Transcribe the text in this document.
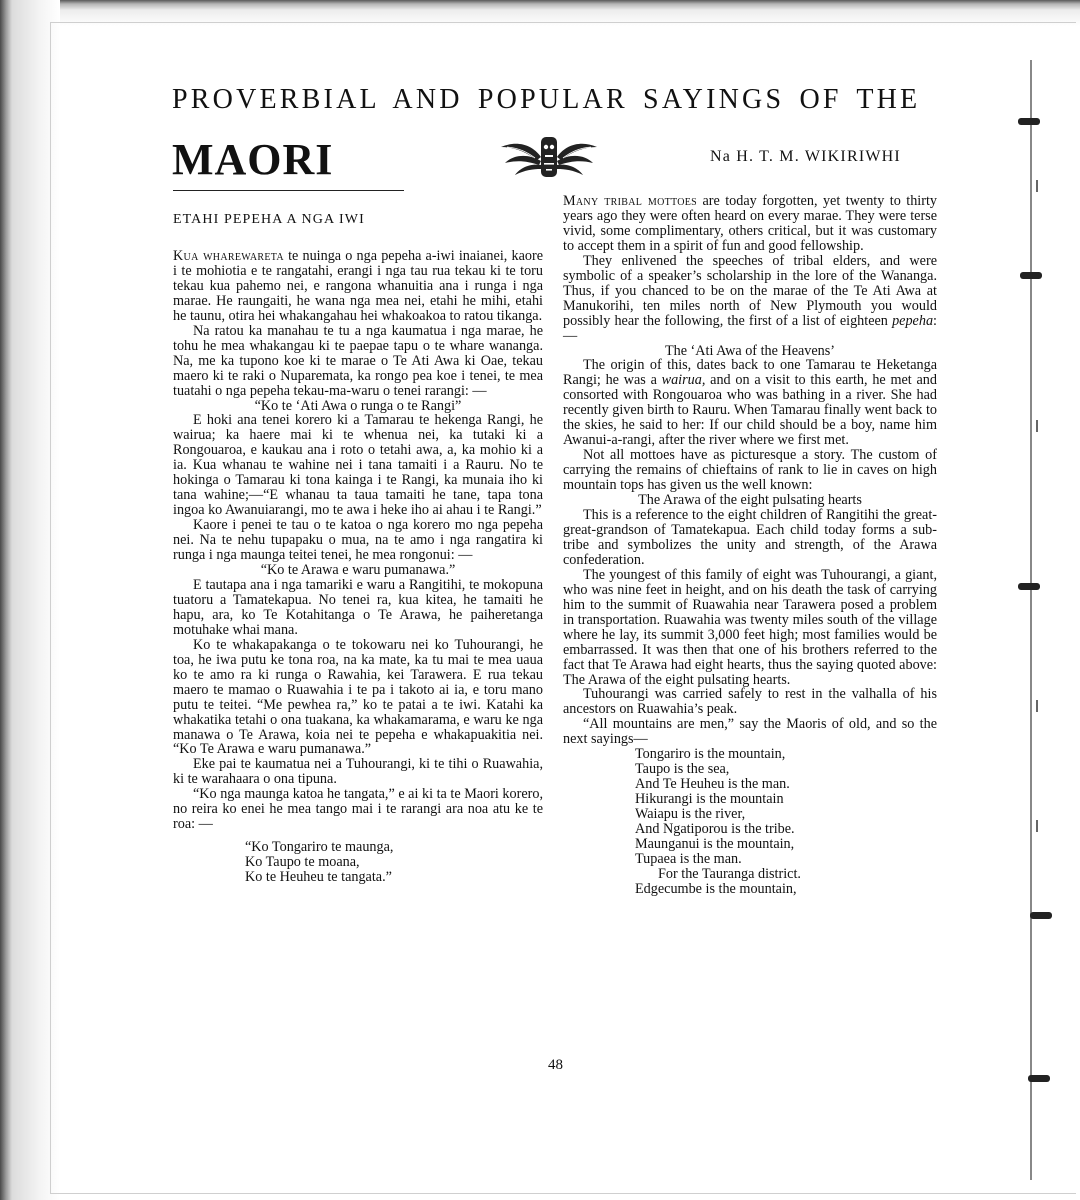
PROVERBIAL AND POPULAR SAYINGS OF THE
MAORI	Na H. T. M. WIKIRIWHI
ETAHI PEPEHA A NGA IWI

Kua wharewareta te nuinga o nga pepeha a-iwi inaianei, kaore i te mohiotia e te rangatahi, erangi i nga tau rua tekau ki te toru tekau kua pahemo nei, e rangona whanuitia ana i runga i nga marae. He raungaiti, he wana nga mea nei, etahi he mihi, etahi he taunu, otira hei whakangahau hei whakoakoa to ratou tikanga.

Na ratou ka manahau te tu a nga kaumatua i nga marae, he tohu he mea whakangau ki te paepae tapu o te whare wananga. Na, me ka tupono koe ki te marae o Te Ati Awa ki Oae, tekau maero ki te raki o Nuparemata, ka rongo pea koe i tenei, te mea tuatahi o nga pepeha tekau-ma-waru o tenei rarangi: —

“Ko te ‘Ati Awa o runga o te Rangi”

E hoki ana tenei korero ki a Tamarau te hekenga Rangi, he wairua; ka haere mai ki te whenua nei, ka tutaki ki a Rongouaroa, e kaukau ana i roto o tetahi awa, a, ka mohio ki a ia. Kua whanau te wahine nei i tana tamaiti i a Rauru. No te hokinga o Tamarau ki tona kainga i te Rangi, ka munaia iho ki tana wahine;—“E whanau ta taua tamaiti he tane, tapa tona ingoa ko Awanuiarangi, mo te awa i heke iho ai ahau i te Rangi.”

Kaore i penei te tau o te katoa o nga korero mo nga pepeha nei. Na te nehu tupapaku o mua, na te amo i nga rangatira ki runga i nga maunga teitei tenei, he mea rongonui: —

“Ko te Arawa e waru pumanawa.”

E tautapa ana i nga tamariki e waru a Rangitihi, te mokopuna tuatoru a Tamatekapua. No tenei ra, kua kitea, he tamaiti he hapu, ara, ko Te Kotahitanga o Te Arawa, he paiheretanga motuhake whai mana.

Ko te whakapakanga o te tokowaru nei ko Tuhourangi, he toa, he iwa putu ke tona roa, na ka mate, ka tu mai te mea uaua ko te amo ra ki runga o Rawahia, kei Tarawera. E rua tekau maero te mamao o Ruawahia i te pa i takoto ai ia, e toru mano putu te teitei. “Me pewhea ra,” ko te patai a te iwi. Katahi ka whakatika tetahi o ona tuakana, ka whakamarama, e waru ke nga manawa o Te Arawa, koia nei te pepeha e whakapuakitia nei. “Ko Te Arawa e waru pumanawa.”

Eke pai te kaumatua nei a Tuhourangi, ki te tihi o Ruawahia, ki te warahaara o ona tipuna.

“Ko nga maunga katoa he tangata,” e ai ki ta te Maori korero, no reira ko enei he mea tango mai i te rarangi ara noa atu ke te roa: —

“Ko Tongariro te maunga,

Ko Taupo te moana,

Ko te Heuheu te tangata.”

Many tribal mottoes are today forgotten, yet twenty to thirty years ago they were often heard on every marae. They were terse vivid, some complimentary, others critical, but it was customary to accept them in a spirit of fun and good fellowship.

They enlivened the speeches of tribal elders, and were symbolic of a speaker’s scholarship in the lore of the Wananga. Thus, if you chanced to be on the marae of the Te Ati Awa at Manukorihi, ten miles north of New Plymouth you would possibly hear the following, the first of a list of eighteen pepeha: —

The ‘Ati Awa of the Heavens’

The origin of this, dates back to one Tamarau te Heketanga Rangi; he was a wairua, and on a visit to this earth, he met and consorted with Rongouaroa who was bathing in a river. She had recently given birth to Rauru. When Tamarau finally went back to the skies, he said to her: If our child should be a boy, name him Awanui-a-rangi, after the river where we first met.

Not all mottoes have as picturesque a story. The custom of carrying the remains of chieftains of rank to lie in caves on high mountain tops has given us the well known:

The Arawa of the eight pulsating hearts

This is a reference to the eight children of Rangitihi the great-great-grandson of Tamatekapua. Each child today forms a sub-tribe and symbolizes the unity and strength, of the Arawa confederation.

The youngest of this family of eight was Tuhourangi, a giant, who was nine feet in height, and on his death the task of carrying him to the summit of Ruawahia near Tarawera posed a problem in transportation. Ruawahia was twenty miles south of the village where he lay, its summit 3,000 feet high; most families would be embarrassed. It was then that one of his brothers referred to the fact that Te Arawa had eight hearts, thus the saying quoted above: The Arawa of the eight pulsating hearts.

Tuhourangi was carried safely to rest in the valhalla of his ancestors on Ruawahia’s peak.

“All mountains are men,” say the Maoris of old, and so the next sayings—

Tongariro is the mountain,

Taupo is the sea,

And Te Heuheu is the man.

Hikurangi is the mountain

Waiapu is the river,

And Ngatiporou is the tribe.

Maunganui is the mountain,

Tupaea is the man.

For the Tauranga district.

Edgecumbe is the mountain,

48
